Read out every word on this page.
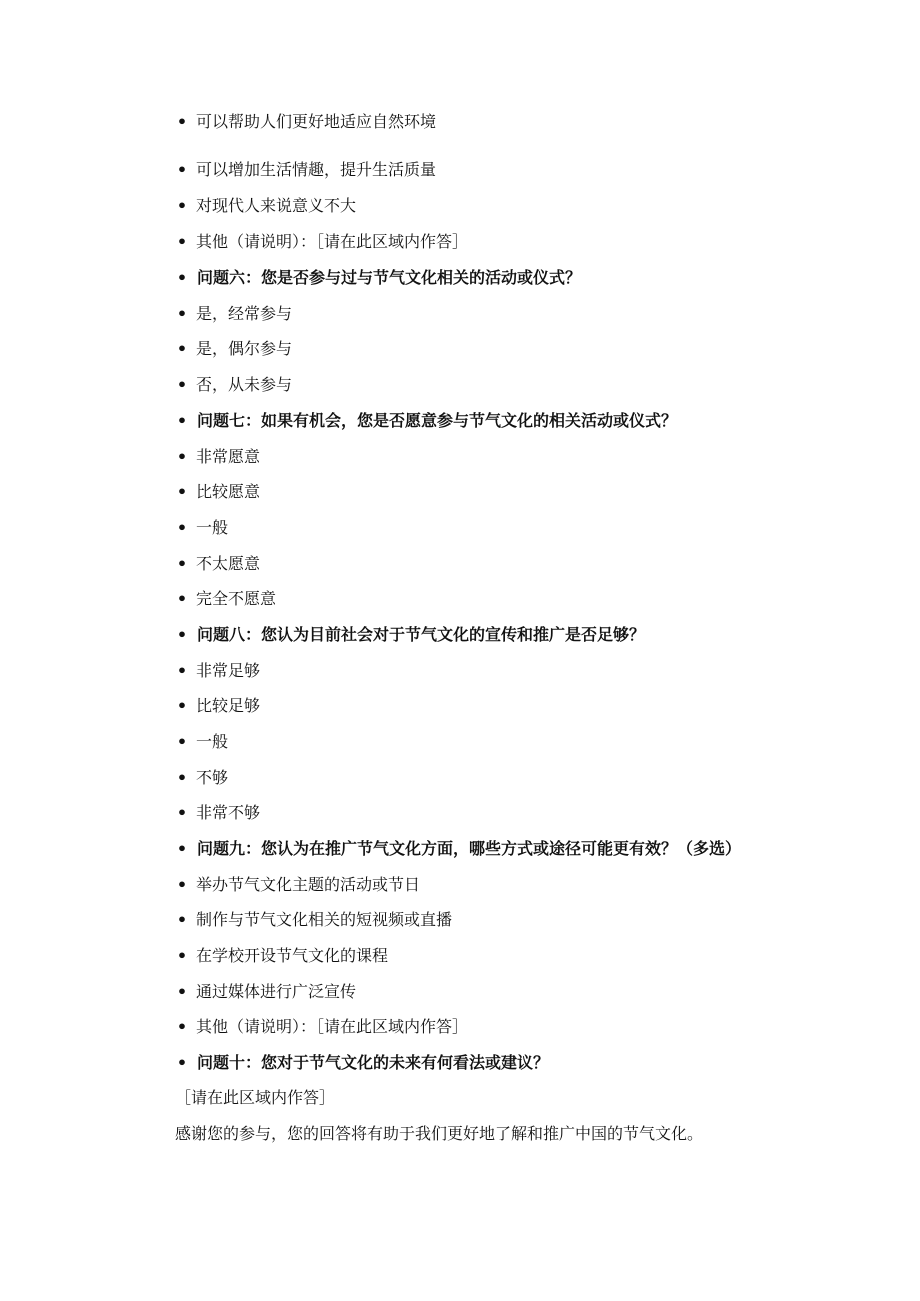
• 可以帮助人们更好地适应自然环境
• 可以增加生活情趣，提升生活质量
• 对现代人来说意义不大
• 其他（请说明）：［请在此区域内作答］
• 问题六：您是否参与过与节气文化相关的活动或仪式？
• 是，经常参与
• 是，偶尔参与
• 否，从未参与
• 问题七：如果有机会，您是否愿意参与节气文化的相关活动或仪式？
• 非常愿意
• 比较愿意
• 一般
• 不太愿意
• 完全不愿意
• 问题八：您认为目前社会对于节气文化的宣传和推广是否足够？
• 非常足够
• 比较足够
• 一般
• 不够
• 非常不够
• 问题九：您认为在推广节气文化方面，哪些方式或途径可能更有效？（多选）
• 举办节气文化主题的活动或节日
• 制作与节气文化相关的短视频或直播
• 在学校开设节气文化的课程
• 通过媒体进行广泛宣传
• 其他（请说明）：［请在此区域内作答］
• 问题十：您对于节气文化的未来有何看法或建议？
［请在此区域内作答］
感谢您的参与，您的回答将有助于我们更好地了解和推广中国的节气文化。
